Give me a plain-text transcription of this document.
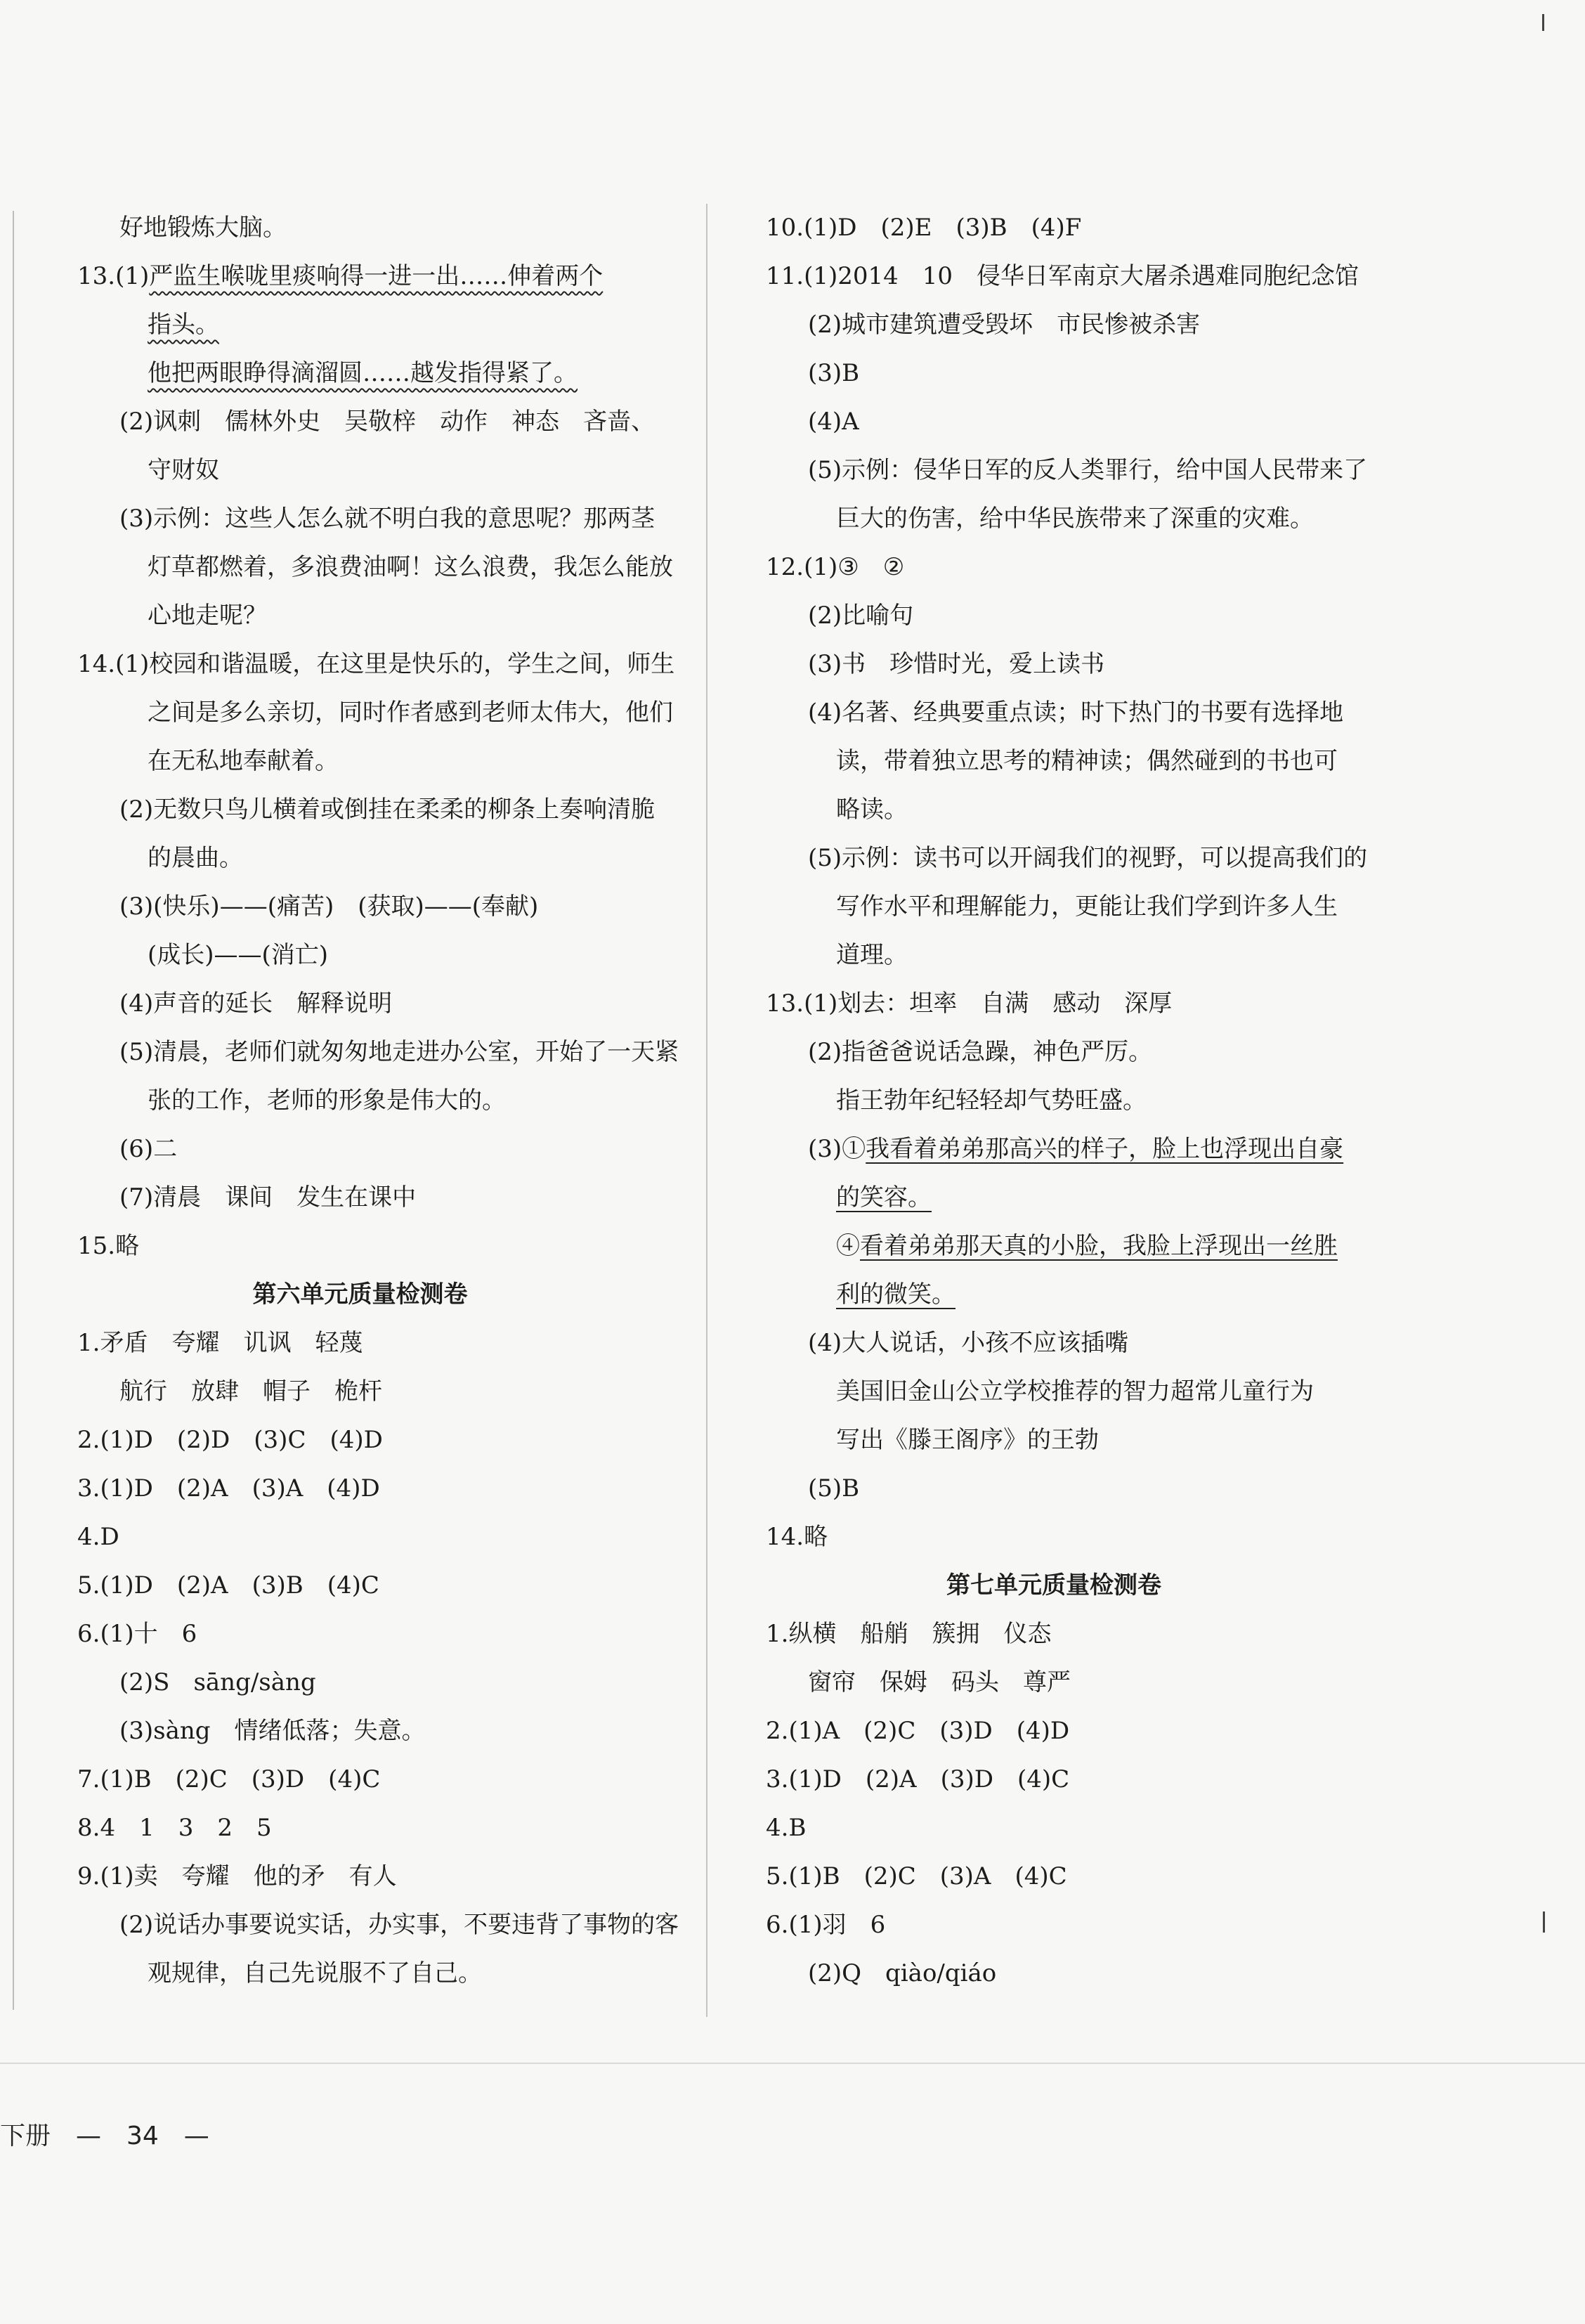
好地锻炼大脑。
13.(1)严监生喉咙里痰响得一进一出……伸着两个
指头。
他把两眼睁得滴溜圆……越发指得紧了。
(2)讽刺　儒林外史　吴敬梓　动作　神态　吝啬、
守财奴
(3)示例：这些人怎么就不明白我的意思呢？那两茎
灯草都燃着，多浪费油啊！这么浪费，我怎么能放
心地走呢？
14.(1)校园和谐温暖，在这里是快乐的，学生之间，师生
之间是多么亲切，同时作者感到老师太伟大，他们
在无私地奉献着。
(2)无数只鸟儿横着或倒挂在柔柔的柳条上奏响清脆
的晨曲。
(3)(快乐)——(痛苦)　(获取)——(奉献)
(成长)——(消亡)
(4)声音的延长　解释说明
(5)清晨，老师们就匆匆地走进办公室，开始了一天紧
张的工作，老师的形象是伟大的。
(6)二
(7)清晨　课间　发生在课中
15.略
第六单元质量检测卷
1.矛盾　夸耀　讥讽　轻蔑
航行　放肆　帽子　桅杆
2.(1)D　(2)D　(3)C　(4)D
3.(1)D　(2)A　(3)A　(4)D
4.D
5.(1)D　(2)A　(3)B　(4)C
6.(1)十　6
(2)S　sāng/sàng
(3)sàng　情绪低落；失意。
7.(1)B　(2)C　(3)D　(4)C
8.4　1　3　2　5
9.(1)卖　夸耀　他的矛　有人
(2)说话办事要说实话，办实事，不要违背了事物的客
观规律，自己先说服不了自己。
10.(1)D　(2)E　(3)B　(4)F
11.(1)2014　10　侵华日军南京大屠杀遇难同胞纪念馆
(2)城市建筑遭受毁坏　市民惨被杀害
(3)B
(4)A
(5)示例：侵华日军的反人类罪行，给中国人民带来了
巨大的伤害，给中华民族带来了深重的灾难。
12.(1)③　②
(2)比喻句
(3)书　珍惜时光，爱上读书
(4)名著、经典要重点读；时下热门的书要有选择地
读，带着独立思考的精神读；偶然碰到的书也可
略读。
(5)示例：读书可以开阔我们的视野，可以提高我们的
写作水平和理解能力，更能让我们学到许多人生
道理。
13.(1)划去：坦率　自满　感动　深厚
(2)指爸爸说话急躁，神色严厉。
指王勃年纪轻轻却气势旺盛。
(3)①我看着弟弟那高兴的样子，脸上也浮现出自豪
的笑容。
④看着弟弟那天真的小脸，我脸上浮现出一丝胜
利的微笑。
(4)大人说话，小孩不应该插嘴
美国旧金山公立学校推荐的智力超常儿童行为
写出《滕王阁序》的王勃
(5)B
14.略
第七单元质量检测卷
1.纵横　船艄　簇拥　仪态
窗帘　保姆　码头　尊严
2.(1)A　(2)C　(3)D　(4)D
3.(1)D　(2)A　(3)D　(4)C
4.B
5.(1)B　(2)C　(3)A　(4)C
6.(1)羽　6
(2)Q　qiào/qiáo
下册　—　34　—
